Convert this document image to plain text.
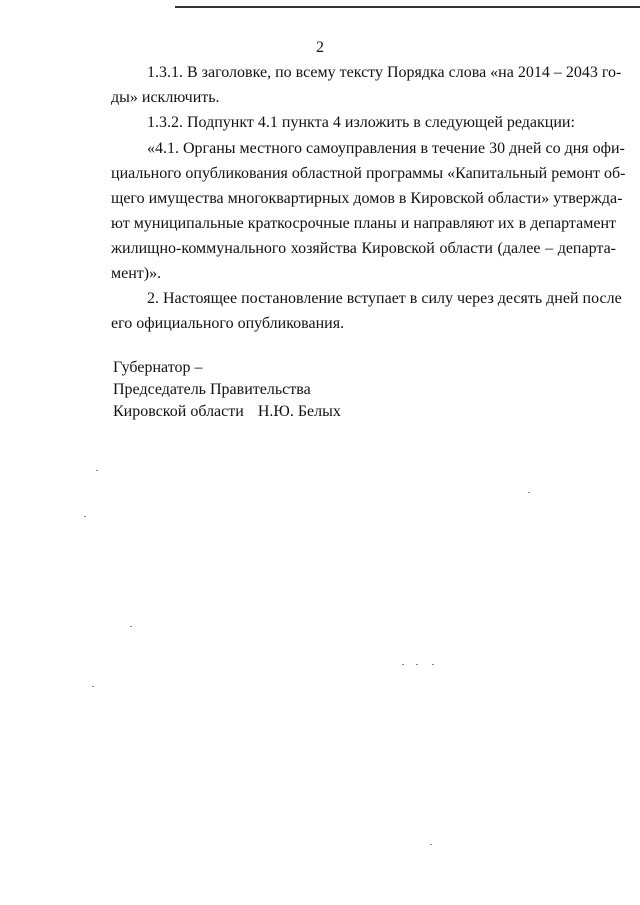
2
1.3.1. В заголовке, по всему тексту Порядка слова «на 2014 – 2043 го-
ды» исключить.
1.3.2. Подпункт 4.1 пункта 4 изложить в следующей редакции:
«4.1. Органы местного самоуправления в течение 30 дней со дня офи-
циального опубликования областной программы «Капитальный ремонт об-
щего имущества многоквартирных домов в Кировской области» утвержда-
ют муниципальные краткосрочные планы и направляют их в департамент
жилищно-коммунального хозяйства Кировской области (далее – департа-
мент)».
2. Настоящее постановление вступает в силу через десять дней после
его официального опубликования.
Губернатор –
Председатель Правительства
Кировской области Н.Ю. Белых
